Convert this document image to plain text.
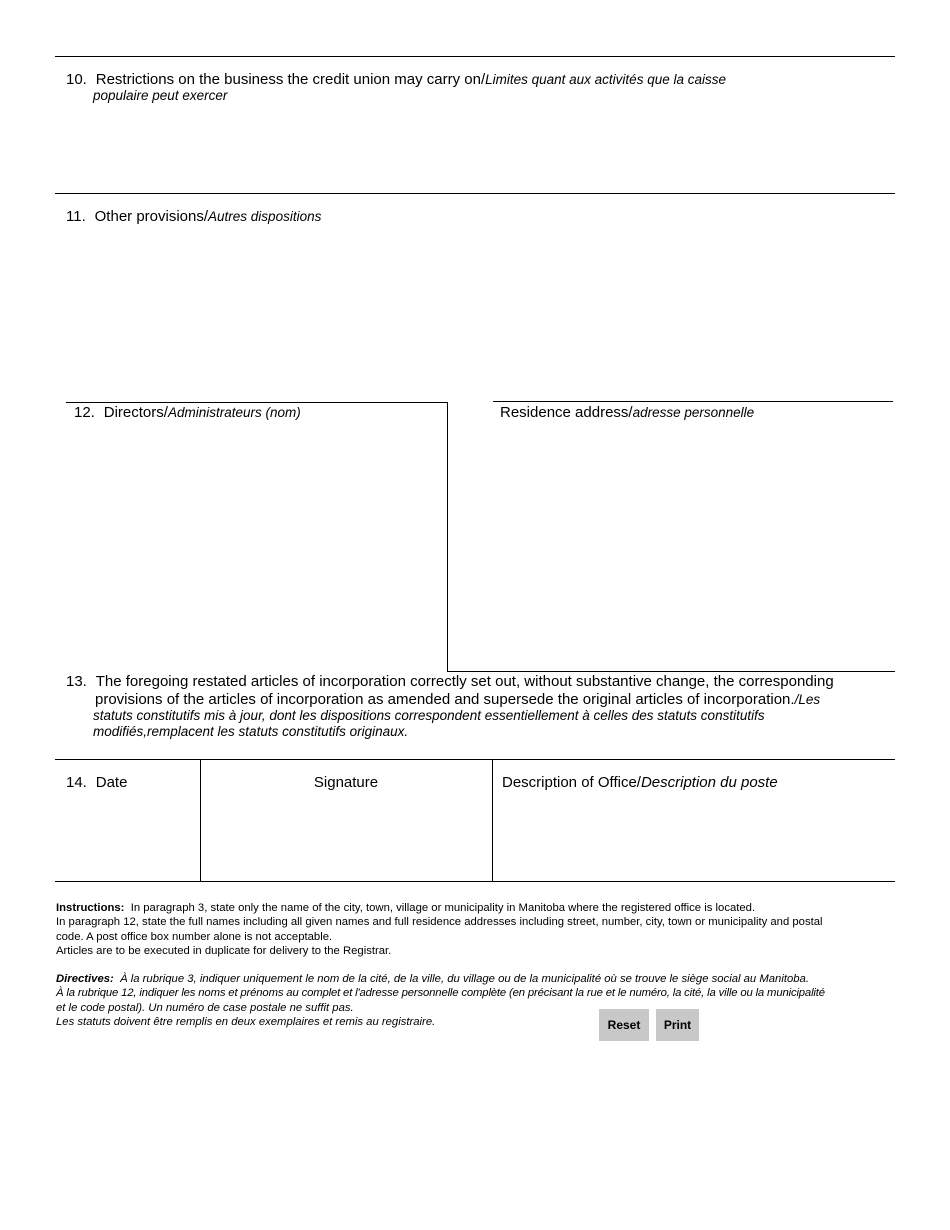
10. Restrictions on the business the credit union may carry on/Limites quant aux activités que la caisse
populaire peut exercer
11. Other provisions/Autres dispositions
12. Directors/Administrateurs (nom)	Residence address/adresse personnelle
13. The foregoing restated articles of incorporation correctly set out, without substantive change, the corresponding
provisions of the articles of incorporation as amended and supersede the original articles of incorporation./Les
statuts constitutifs mis à jour, dont les dispositions correspondent essentiellement à celles des statuts constitutifs
modifiés,remplacent les statuts constitutifs originaux.
14. Date	Signature	Description of Office/Description du poste
Instructions: In paragraph 3, state only the name of the city, town, village or municipality in Manitoba where the registered office is located.
In paragraph 12, state the full names including all given names and full residence addresses including street, number, city, town or municipality and postal
code. A post office box number alone is not acceptable.
Articles are to be executed in duplicate for delivery to the Registrar.
Directives: À la rubrique 3, indiquer uniquement le nom de la cité, de la ville, du village ou de la municipalité où se trouve le siège social au Manitoba.
À la rubrique 12, indiquer les noms et prénoms au complet et l'adresse personnelle complète (en précisant la rue et le numéro, la cité, la ville ou la municipalité
et le code postal). Un numéro de case postale ne suffit pas.
Les statuts doivent être remplis en deux exemplaires et remis au registraire.	Reset	Print
